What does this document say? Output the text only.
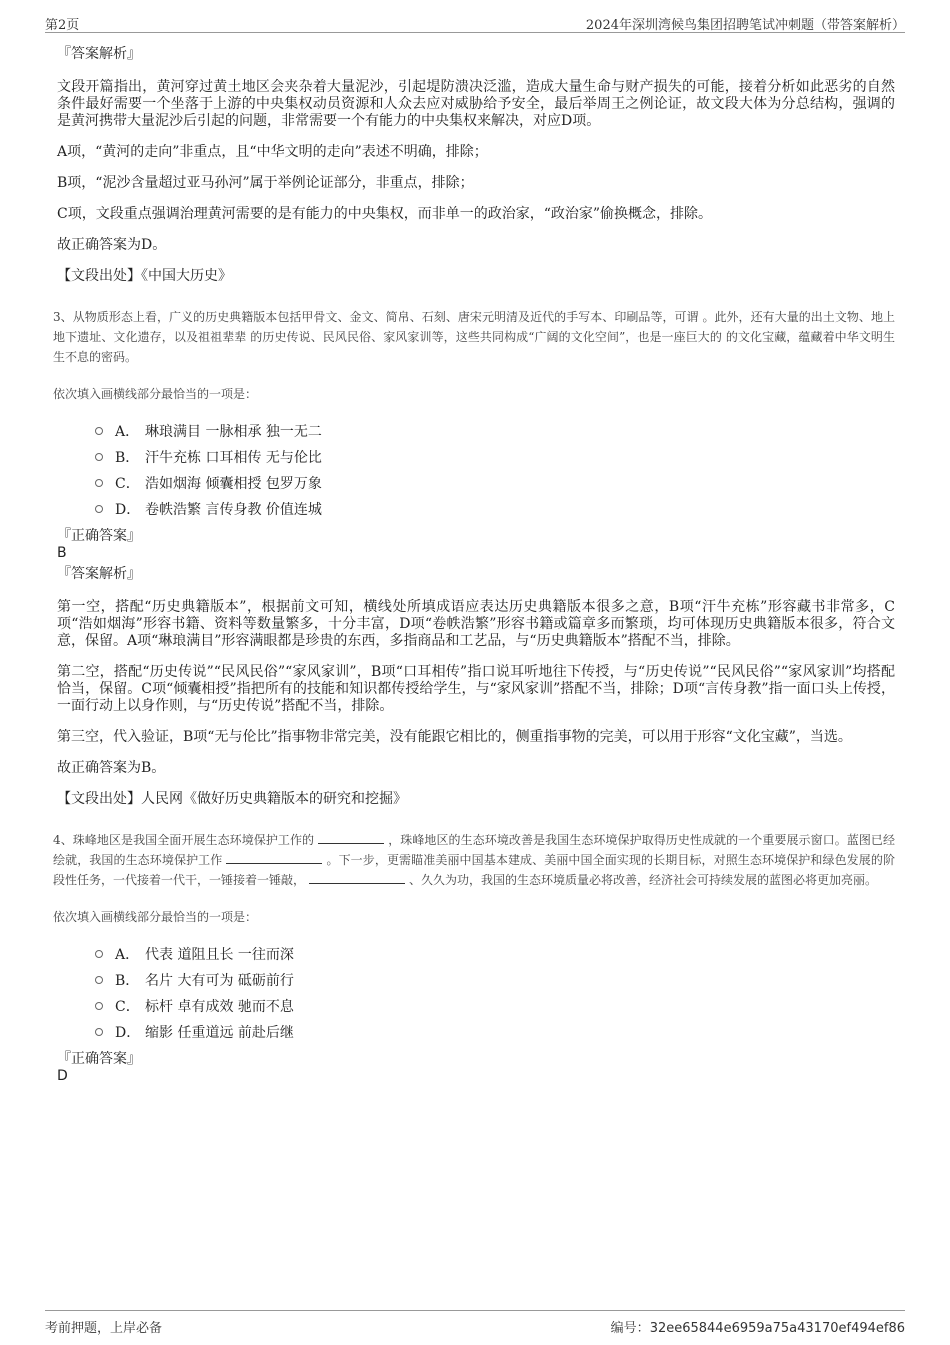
第2页	2024年深圳湾候鸟集团招聘笔试冲刺题（带答案解析）
『答案解析』

文段开篇指出，黄河穿过黄土地区会夹杂着大量泥沙，引起堤防溃决泛滥，造成大量生命与财产损失的可能，接着分析如此恶劣的自然条件最好需要一个坐落于上游的中央集权动员资源和人众去应对威胁给予安全，最后举周王之例论证，故文段大体为分总结构，强调的是黄河携带大量泥沙后引起的问题，非常需要一个有能力的中央集权来解决，对应D项。

A项，“黄河的走向”非重点，且“中华文明的走向”表述不明确，排除；

B项，“泥沙含量超过亚马孙河”属于举例论证部分，非重点，排除；

C项，文段重点强调治理黄河需要的是有能力的中央集权，而非单一的政治家，“政治家”偷换概念，排除。

故正确答案为D。

【文段出处】《中国大历史》

3、从物质形态上看，广义的历史典籍版本包括甲骨文、金文、简帛、石刻、唐宋元明清及近代的手写本、印刷品等，可谓 。此外，还有大量的出土文物、地上地下遗址、文化遗存，以及祖祖辈辈 的历史传说、民风民俗、家风家训等，这些共同构成“广阔的文化空间”，也是一座巨大的 的文化宝藏，蕴藏着中华文明生生不息的密码。

依次填入画横线部分最恰当的一项是：
A． 琳琅满目 一脉相承 独一无二
B． 汗牛充栋 口耳相传 无与伦比
C． 浩如烟海 倾囊相授 包罗万象
D． 卷帙浩繁 言传身教 价值连城
『正确答案』
B
『答案解析』

第一空，搭配“历史典籍版本”，根据前文可知，横线处所填成语应表达历史典籍版本很多之意，B项“汗牛充栋”形容藏书非常多，C项“浩如烟海”形容书籍、资料等数量繁多，十分丰富，D项“卷帙浩繁”形容书籍或篇章多而繁琐，均可体现历史典籍版本很多，符合文意，保留。A项“琳琅满目”形容满眼都是珍贵的东西，多指商品和工艺品，与“历史典籍版本”搭配不当，排除。

第二空，搭配“历史传说”“民风民俗”“家风家训”，B项“口耳相传”指口说耳听地往下传授，与“历史传说”“民风民俗”“家风家训”均搭配恰当，保留。C项“倾囊相授”指把所有的技能和知识都传授给学生，与“家风家训”搭配不当，排除；D项“言传身教”指一面口头上传授，一面行动上以身作则，与“历史传说”搭配不当，排除。

第三空，代入验证，B项“无与伦比”指事物非常完美，没有能跟它相比的，侧重指事物的完美，可以用于形容“文化宝藏”，当选。

故正确答案为B。

【文段出处】人民网《做好历史典籍版本的研究和挖掘》

4、珠峰地区是我国全面开展生态环境保护工作的	，珠峰地区的生态环境改善是我国生态环境保护取得历史性成就的一个重要展示窗口。蓝图已经绘就，我国的生态环境保护工作	。下一步，更需瞄准美丽中国基本建成、美丽中国全面实现的长期目标，对照生态环境保护和绿色发展的阶段性任务，一代接着一代干，一锤接着一锤敲，	、久久为功，我国的生态环境质量必将改善，经济社会可持续发展的蓝图必将更加亮丽。

依次填入画横线部分最恰当的一项是：
A． 代表 道阻且长 一往而深
B． 名片 大有可为 砥砺前行
C． 标杆 卓有成效 驰而不息
D． 缩影 任重道远 前赴后继
『正确答案』
D
考前押题，上岸必备	编号：32ee65844e6959a75a43170ef494ef86
